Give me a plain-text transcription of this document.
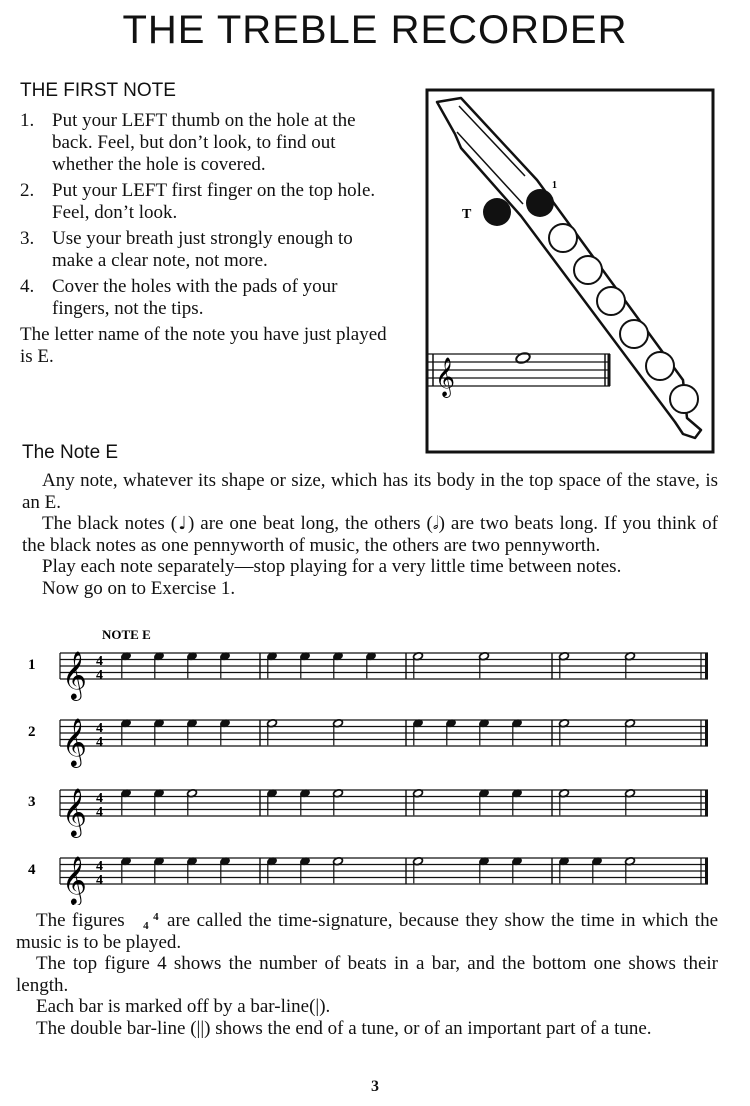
THE TREBLE RECORDER
THE FIRST NOTE
1. Put your LEFT thumb on the hole at the back. Feel, but don’t look, to find out whether the hole is covered.
2. Put your LEFT first finger on the top hole. Feel, don’t look.
3. Use your breath just strongly enough to make a clear note, not more.
4. Cover the holes with the pads of your fingers, not the tips.

The letter name of the note you have just played is E.

𝄞
T
1
The Note E

Any note, whatever its shape or size, which has its body in the top space of the stave, is an E.

The black notes (♩) are one beat long, the others (𝅗𝅥) are two beats long. If you think of the black notes as one pennyworth of music, the others are two pennyworth.

Play each note separately—stop playing for a very little time between notes.

Now go on to Exercise 1.

NOTE E
1 𝄞 4
4
2 𝄞 4
4
3 𝄞 4
4
4 𝄞 4
4

The figures	4
4 are called the time-signature, because they show the time in which the music is to be played.

The top figure 4 shows the number of beats in a bar, and the bottom one shows their length.

Each bar is marked off by a bar-line(|).

The double bar-line (||) shows the end of a tune, or of an important part of a tune.

3
